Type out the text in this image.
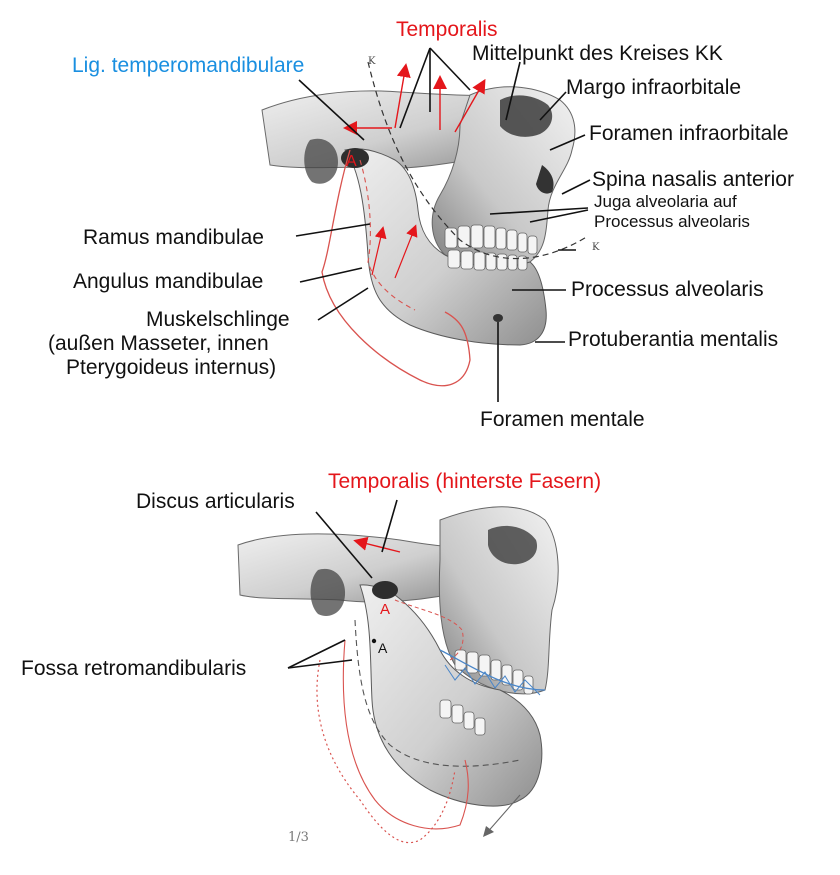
Temporalis
Lig. temperomandibulare
Mittelpunkt des Kreises KK
Margo infraorbitale
Foramen infraorbitale
Spina nasalis anterior
Juga alveolaria auf
Processus alveolaris
Ramus mandibulae
Angulus mandibulae
Muskelschlinge
(außen Masseter, innen
Pterygoideus internus)
Processus alveolaris
Protuberantia mentalis
Foramen mentale
A
K
K
Temporalis (hinterste Fasern)
Discus articularis
Fossa retromandibularis
A
A
1/3
